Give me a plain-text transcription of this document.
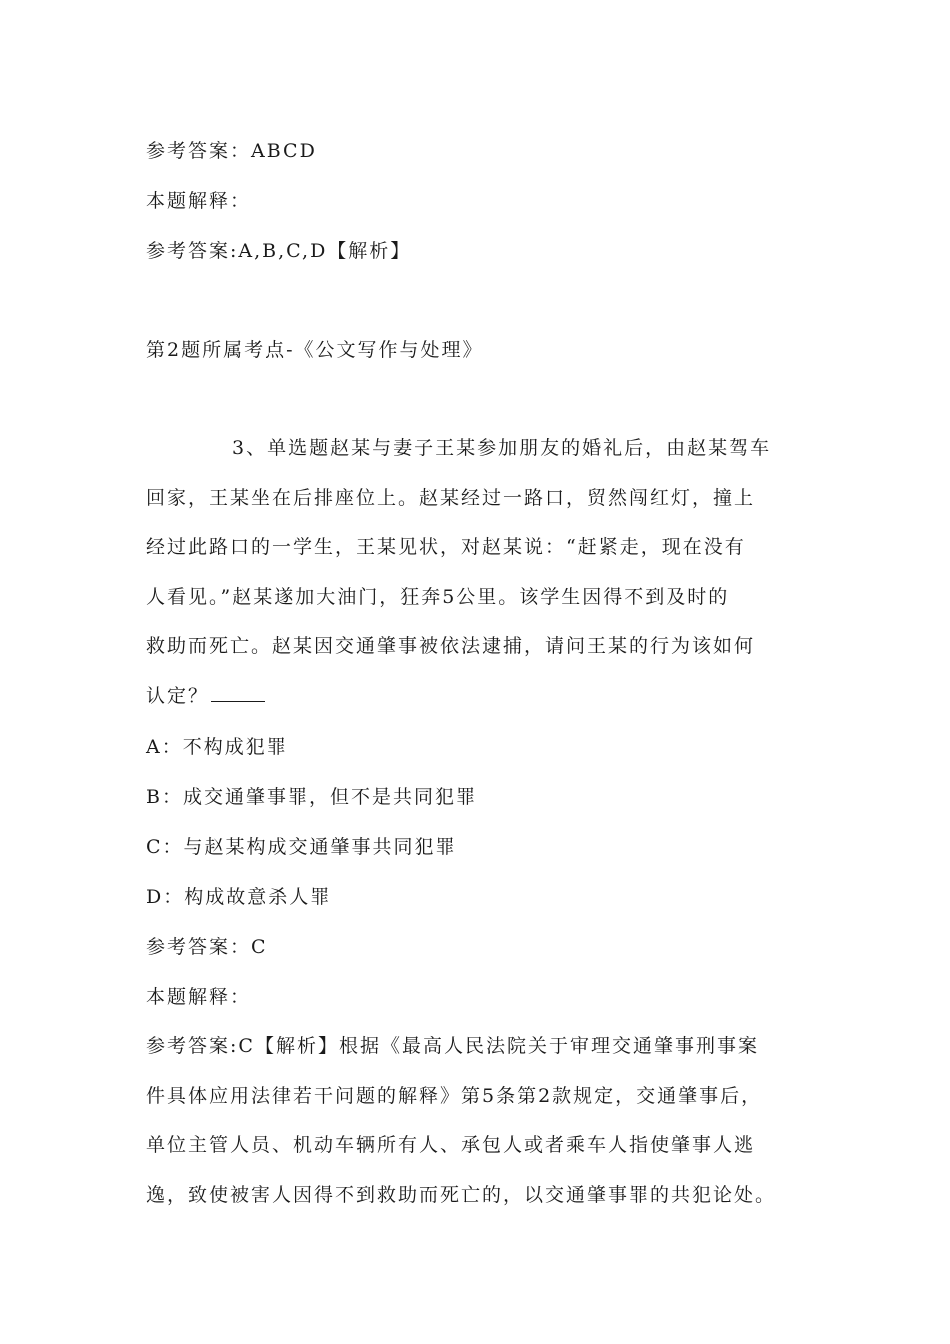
参考答案：ABCD
本题解释：
参考答案:A,B,C,D【解析】
第2题所属考点-《公文写作与处理》

3、单选题赵某与妻子王某参加朋友的婚礼后，由赵某驾车

回家，王某坐在后排座位上。赵某经过一路口，贸然闯红灯，撞上

经过此路口的一学生，王某见状，对赵某说：“赶紧走，现在没有

人看见。”赵某遂加大油门，狂奔5公里。该学生因得不到及时的

救助而死亡。赵某因交通肇事被依法逮捕，请问王某的行为该如何

认定？

A：不构成犯罪
B：成交通肇事罪，但不是共同犯罪
C：与赵某构成交通肇事共同犯罪
D：构成故意杀人罪
参考答案：C
本题解释：

参考答案:C【解析】根据《最高人民法院关于审理交通肇事刑事案

件具体应用法律若干问题的解释》第5条第2款规定，交通肇事后，

单位主管人员、机动车辆所有人、承包人或者乘车人指使肇事人逃

逸，致使被害人因得不到救助而死亡的，以交通肇事罪的共犯论处。
